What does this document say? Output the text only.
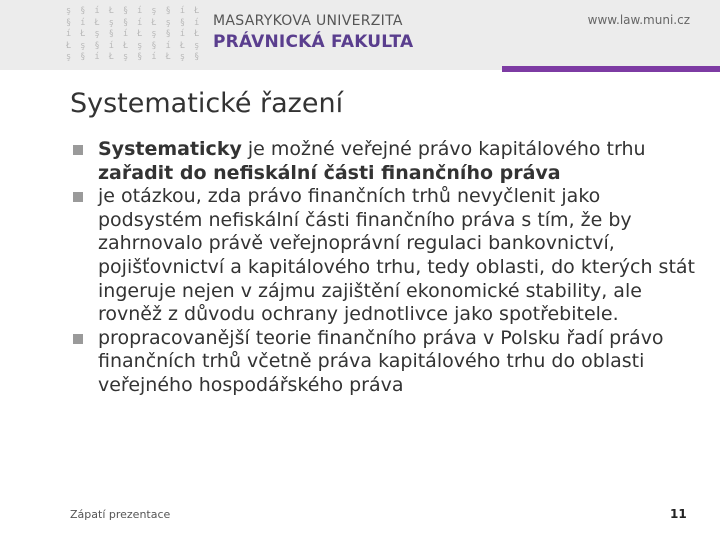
ş § í Ł § í ş § í Ł
§ í Ł ş § í Ł ş § í
í Ł ş § í Ł ş § í Ł
Ł ş § í Ł ş § í Ł ş
ş § í Ł ş § í Ł ş §
MASARYKOVA UNIVERZITA
PRÁVNICKÁ FAKULTA
www.law.muni.cz
Systematické řazení
Systematicky je možné veřejné právo kapitálového trhu zařadit do nefiskální části finančního práva
je otázkou, zda právo finančních trhů nevyčlenit jako podsystém nefiskální části finančního práva s tím, že by zahrnovalo právě veřejnoprávní regulaci bankovnictví, pojišťovnictví a kapitálového trhu, tedy oblasti, do kterých stát ingeruje nejen v zájmu zajištění ekonomické stability, ale rovněž z důvodu ochrany jednotlivce jako spotřebitele.
propracovanější teorie finančního práva v Polsku řadí právo finančních trhů včetně práva kapitálového trhu do oblasti veřejného hospodářského práva
Zápatí prezentace	11
